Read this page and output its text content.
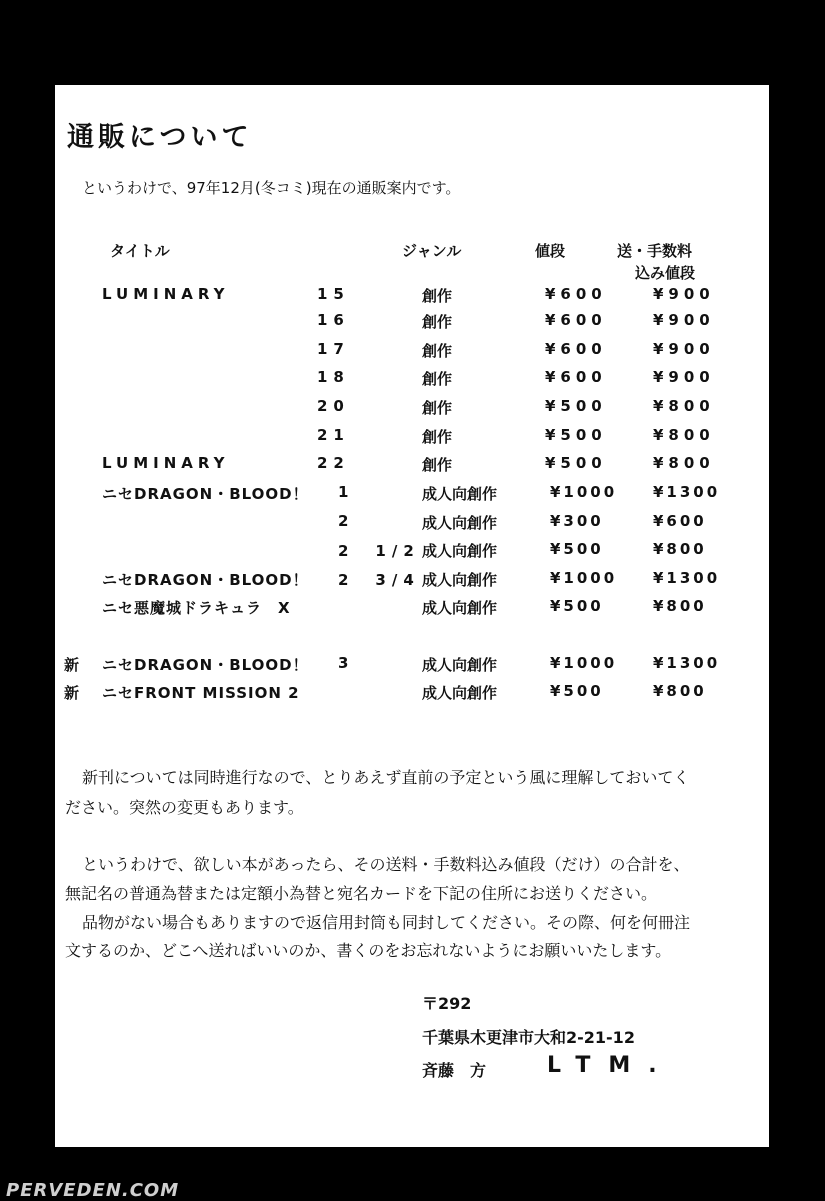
通販について
というわけで、97年12月(冬コミ)現在の通販案内です。
タイトル	ジャンル	値段	送・手数料
込み値段
LUMINARY	15	創作	¥600	¥900
16	創作	¥600	¥900
17	創作	¥600	¥900
18	創作	¥600	¥900
20	創作	¥500	¥800
21	創作	¥500	¥800
LUMINARY	22	創作	¥500	¥800
ニセDRAGON・BLOOD！ 1	成人向創作	¥1000 ¥1300
2	成人向創作	¥300	¥600
2　1/2 成人向創作	¥500	¥800
ニセDRAGON・BLOOD！ 2　3/4 成人向創作	¥1000 ¥1300
ニセ悪魔城ドラキュラ　X	成人向創作	¥500	¥800
新 ニセDRAGON・BLOOD！ 3	成人向創作	¥1000 ¥1300
新 ニセFRONT MISSION 2	成人向創作	¥500	¥800
新刊については同時進行なので、とりあえず直前の予定という風に理解しておいてく
ださい。突然の変更もあります。
というわけで、欲しい本があったら、その送料・手数料込み値段（だけ）の合計を、
無記名の普通為替または定額小為替と宛名カードを下記の住所にお送りください。
品物がない場合もありますので返信用封筒も同封してください。その際、何を何冊注
文するのか、どこへ送ればいいのか、書くのをお忘れないようにお願いいたします。
〒292
千葉県木更津市大和2-21-12
斉藤　方	LTM.
PERVEDEN.COM
